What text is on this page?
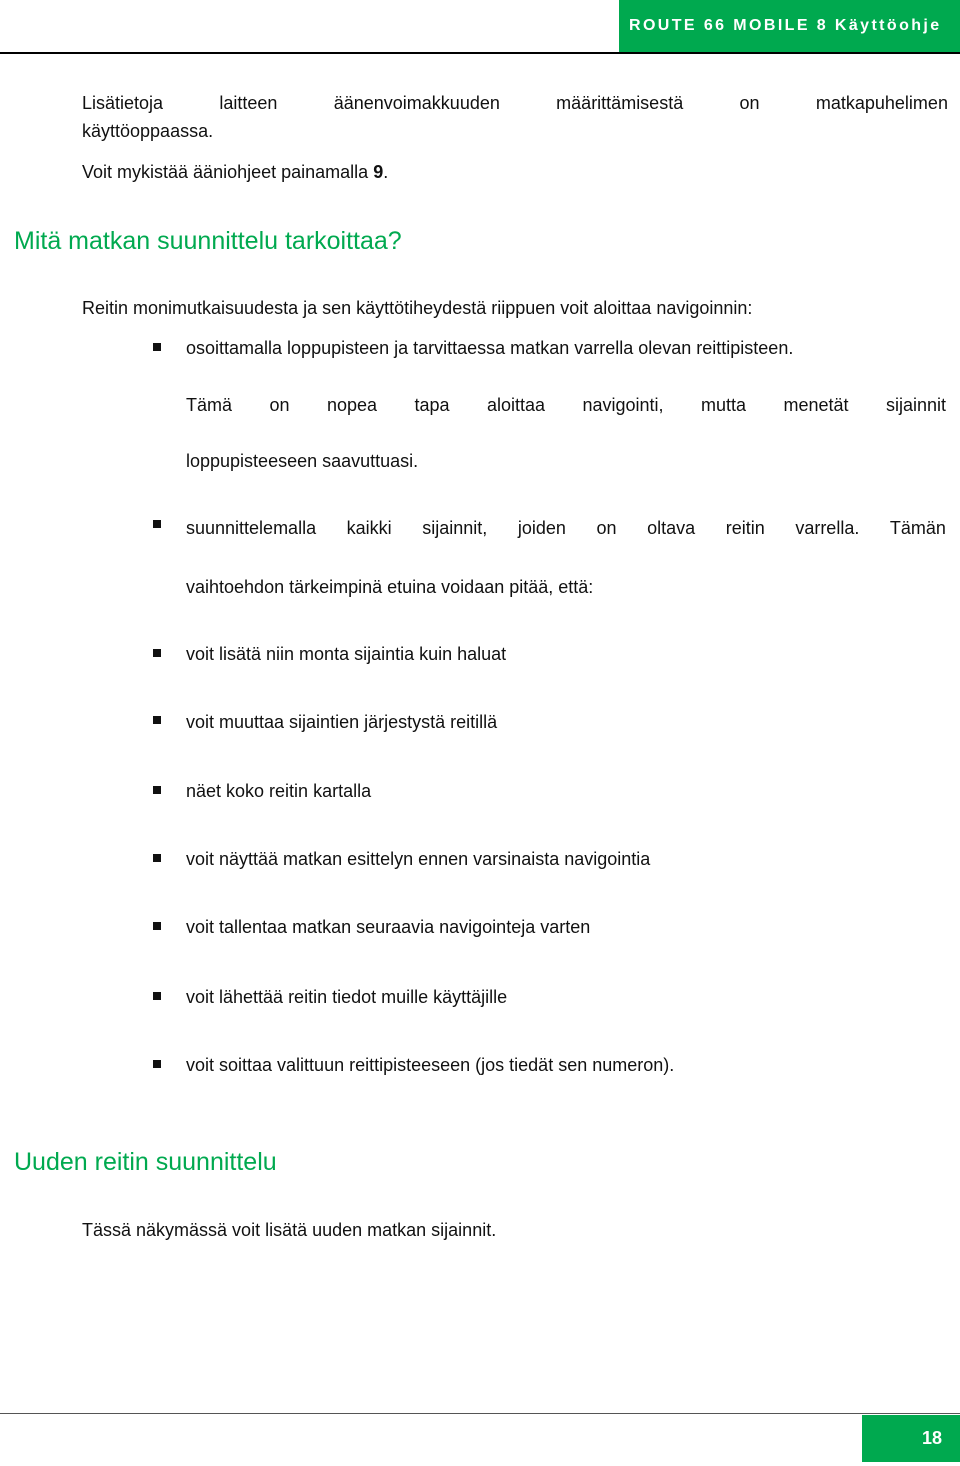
ROUTE 66 MOBILE 8 Käyttöohje
Lisätietoja	laitteen	äänenvoimakkuuden	määrittämisestä	on	matkapuhelimen
käyttöoppaassa.
Voit mykistää ääniohjeet painamalla 9.
Mitä matkan suunnittelu tarkoittaa?
Reitin monimutkaisuudesta ja sen käyttötiheydestä riippuen voit aloittaa navigoinnin:
osoittamalla loppupisteen ja tarvittaessa matkan varrella olevan reittipisteen.
Tämä on nopea tapa aloittaa navigointi, mutta menetät sijainnit
loppupisteeseen saavuttuasi.
suunnittelemalla kaikki sijainnit, joiden on oltava reitin varrella. Tämän
vaihtoehdon tärkeimpinä etuina voidaan pitää, että:
voit lisätä niin monta sijaintia kuin haluat
voit muuttaa sijaintien järjestystä reitillä
näet koko reitin kartalla
voit näyttää matkan esittelyn ennen varsinaista navigointia
voit tallentaa matkan seuraavia navigointeja varten
voit lähettää reitin tiedot muille käyttäjille
voit soittaa valittuun reittipisteeseen (jos tiedät sen numeron).
Uuden reitin suunnittelu
Tässä näkymässä voit lisätä uuden matkan sijainnit.
18
